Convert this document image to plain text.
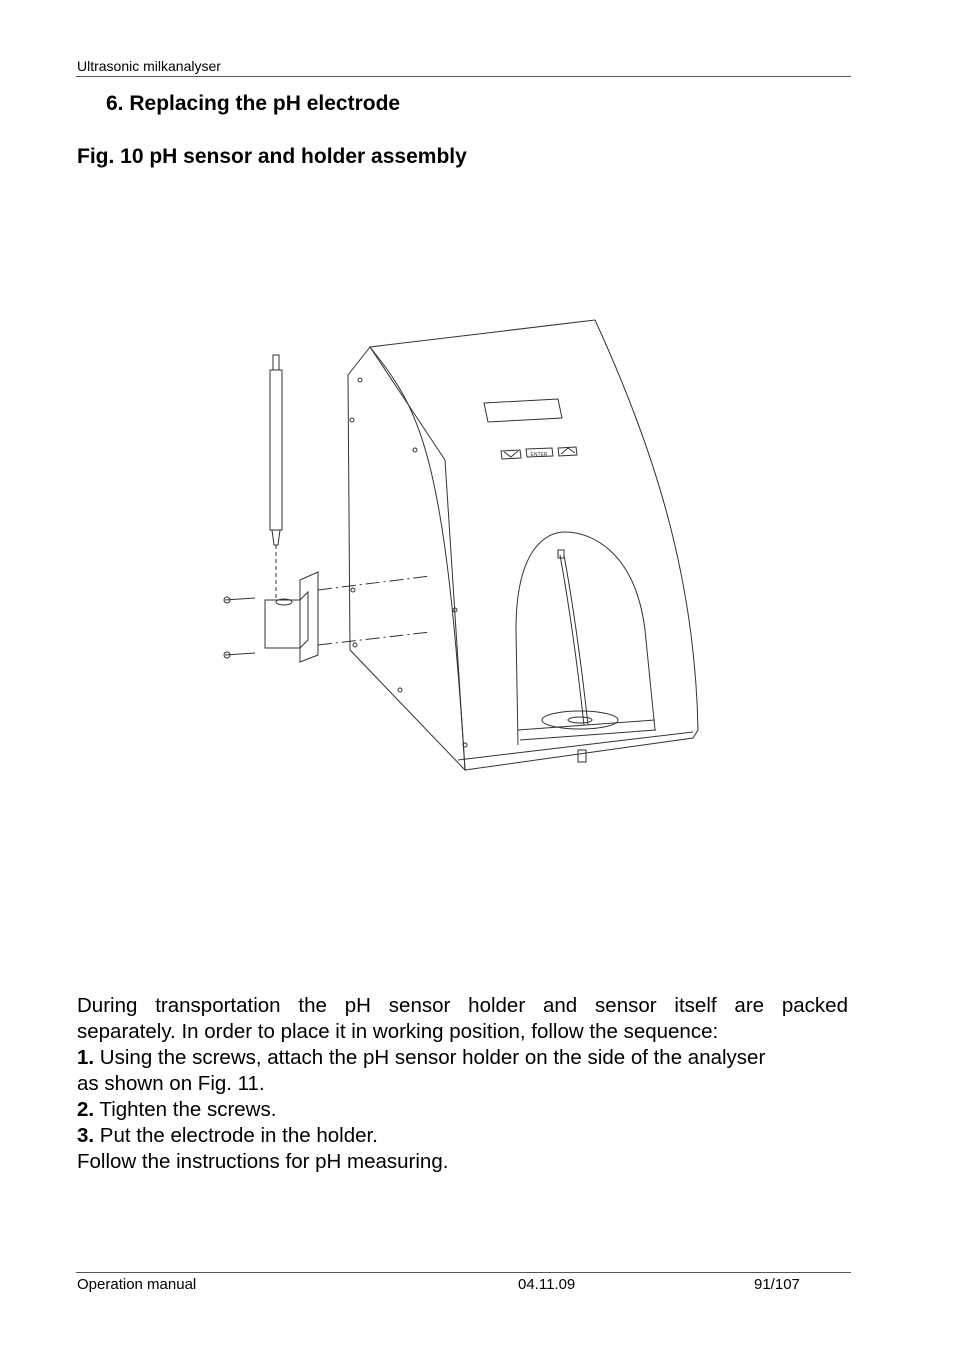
Ultrasonic milkanalyser
6. Replacing the pH electrode
Fig. 10 pH sensor and holder assembly
ENTER

During transportation the pH sensor holder and sensor itself are packed

separately. In order to place it in working position, follow the sequence:

1. Using the screws, attach the pH sensor holder on the side of the analyser

as shown on Fig. 11.

2. Tighten the screws.

3. Put the electrode in the holder.

Follow the instructions for pH measuring.

Operation manual	04.11.09	91/107
